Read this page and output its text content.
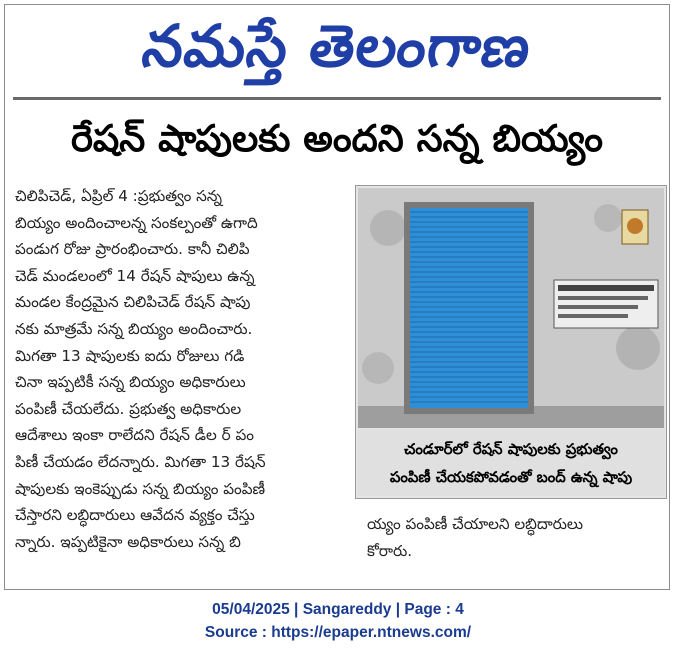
నమస్తే తెలంగాణ
రేషన్ షాపులకు అందని సన్న బియ్యం
చిలిపిచెడ్, ఏప్రిల్ 4 :ప్రభుత్వం సన్న
బియ్యం అందించాలన్న సంకల్పంతో ఉగాది
పండుగ రోజు ప్రారంభించారు. కానీ చిలిపి
చెడ్ మండలంలో 14 రేషన్ షాపులు ఉన్న
మండల కేంద్రమైన చిలిపిచెడ్ రేషన్ షాపు
నకు మాత్రమే సన్న బియ్యం అందించారు.
మిగతా 13 షాపులకు ఐదు రోజులు గడి
చినా ఇప్పటికీ సన్న బియ్యం అధికారులు
పంపిణీ చేయలేదు. ప్రభుత్వ అధికారుల
ఆదేశాలు ఇంకా రాలేదని రేషన్ డీల ర్ పం
పిణీ చేయడం లేదన్నారు. మిగతా 13 రేషన్
షాపులకు ఇంకెప్పుడు సన్న బియ్యం పంపిణీ
చేస్తారని లబ్ధిదారులు ఆవేదన వ్యక్తం చేస్తు
న్నారు. ఇప్పటికైనా అధికారులు సన్న బి
చండూర్‌లో రేషన్ షాపులకు ప్రభుత్వం
పంపిణీ చేయకపోవడంతో బంద్ ఉన్న షాపు
య్యం పంపిణీ చేయాలని లబ్ధిదారులు
కోరారు.
05/04/2025 | Sangareddy | Page : 4
Source : https://epaper.ntnews.com/
